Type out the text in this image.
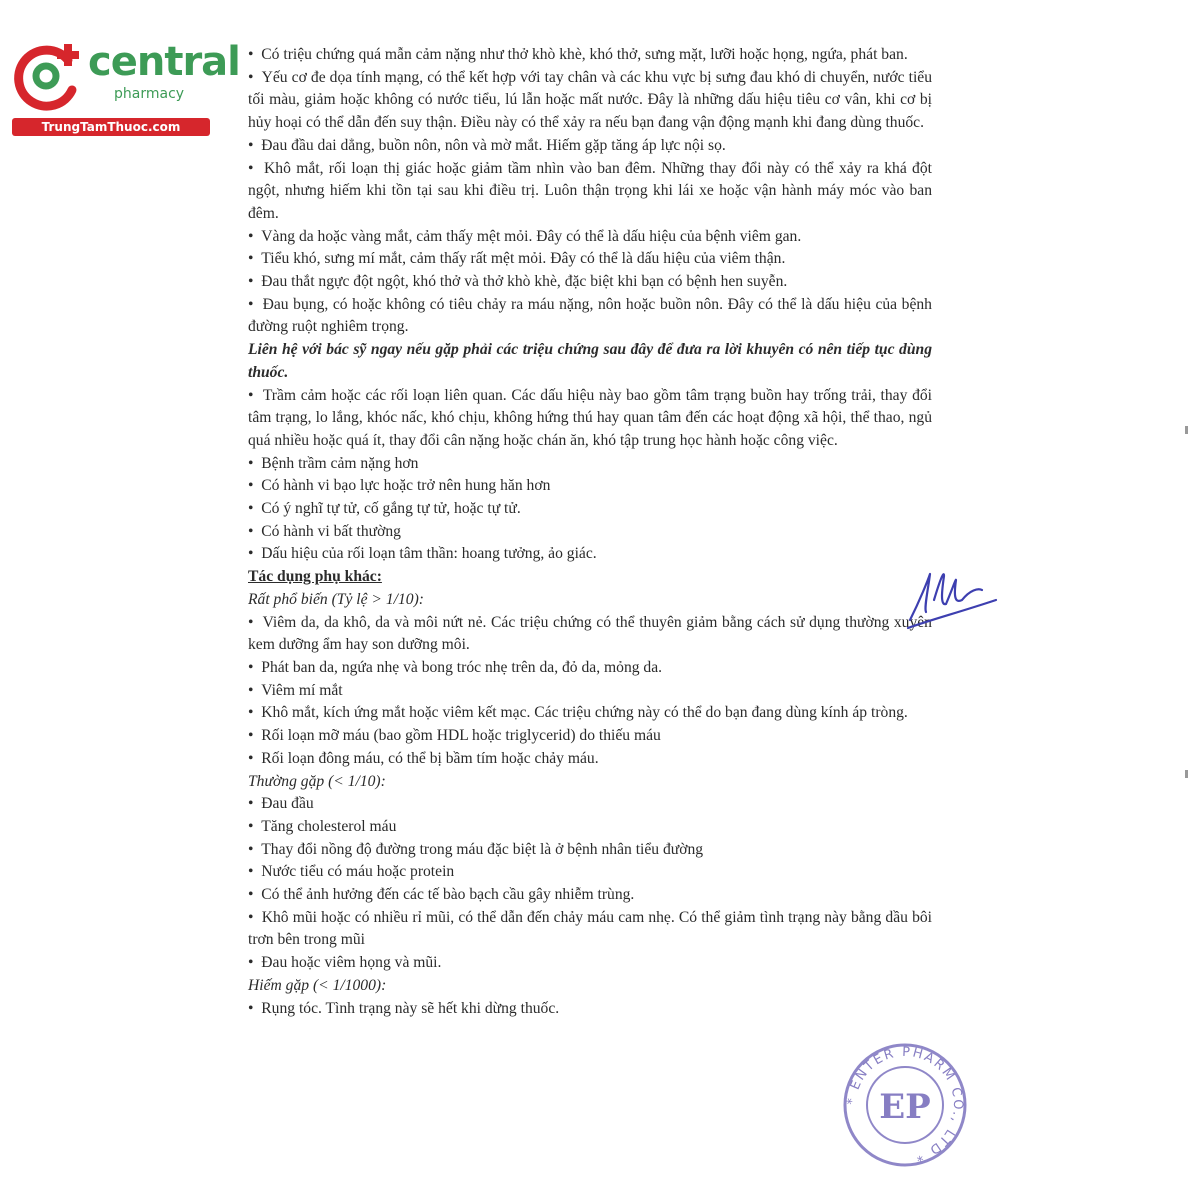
central
pharmacy
TrungTamThuoc.com

•  Có triệu chứng quá mẫn cảm nặng như thở khò khè, khó thở, sưng mặt, lưỡi hoặc họng, ngứa, phát ban.

•  Yếu cơ đe dọa tính mạng, có thể kết hợp với tay chân và các khu vực bị sưng đau khó di chuyển, nước tiểu tối màu, giảm hoặc không có nước tiểu, lú lẫn hoặc mất nước. Đây là những dấu hiệu tiêu cơ vân, khi cơ bị hủy hoại có thể dẫn đến suy thận. Điều này có thể xảy ra nếu bạn đang vận động mạnh khi đang dùng thuốc.

•  Đau đầu dai dẳng, buồn nôn, nôn và mờ mắt. Hiếm gặp tăng áp lực nội sọ.

•  Khô mắt, rối loạn thị giác hoặc giảm tầm nhìn vào ban đêm. Những thay đổi này có thể xảy ra khá đột ngột, nhưng hiếm khi tồn tại sau khi điều trị. Luôn thận trọng khi lái xe hoặc vận hành máy móc vào ban đêm.

•  Vàng da hoặc vàng mắt, cảm thấy mệt mỏi. Đây có thể là dấu hiệu của bệnh viêm gan.

•  Tiểu khó, sưng mí mắt, cảm thấy rất mệt mỏi. Đây có thể là dấu hiệu của viêm thận.

•  Đau thắt ngực đột ngột, khó thở và thở khò khè, đặc biệt khi bạn có bệnh hen suyễn.

•  Đau bụng, có hoặc không có tiêu chảy ra máu nặng, nôn hoặc buồn nôn. Đây có thể là dấu hiệu của bệnh đường ruột nghiêm trọng.

Liên hệ với bác sỹ ngay nếu gặp phải các triệu chứng sau đây để đưa ra lời khuyên có nên tiếp tục dùng thuốc.

•  Trầm cảm hoặc các rối loạn liên quan. Các dấu hiệu này bao gồm tâm trạng buồn hay trống trải, thay đổi tâm trạng, lo lắng, khóc nấc, khó chịu, không hứng thú hay quan tâm đến các hoạt động xã hội, thể thao, ngủ quá nhiều hoặc quá ít, thay đổi cân nặng hoặc chán ăn, khó tập trung học hành hoặc công việc.

•  Bệnh trầm cảm nặng hơn

•  Có hành vi bạo lực hoặc trở nên hung hăn hơn

•  Có ý nghĩ tự tử, cố gắng tự tử, hoặc tự tử.

•  Có hành vi bất thường

•  Dấu hiệu của rối loạn tâm thần: hoang tưởng, ảo giác.

Tác dụng phụ khác:

Rất phổ biến (Tỷ lệ > 1/10):

•  Viêm da, da khô, da và môi nứt nẻ. Các triệu chứng có thể thuyên giảm bằng cách sử dụng thường xuyên kem dưỡng ẩm hay son dưỡng môi.

•  Phát ban da, ngứa nhẹ và bong tróc nhẹ trên da, đỏ da, mỏng da.

•  Viêm mí mắt

•  Khô mắt, kích ứng mắt hoặc viêm kết mạc. Các triệu chứng này có thể do bạn đang dùng kính áp tròng.

•  Rối loạn mỡ máu (bao gồm HDL hoặc triglycerid) do thiếu máu

•  Rối loạn đông máu, có thể bị bầm tím hoặc chảy máu.

Thường gặp (< 1/10):

•  Đau đầu

•  Tăng cholesterol máu

•  Thay đổi nồng độ đường trong máu đặc biệt là ở bệnh nhân tiểu đường

•  Nước tiểu có máu hoặc protein

•  Có thể ảnh hưởng đến các tế bào bạch cầu gây nhiễm trùng.

•  Khô mũi hoặc có nhiều rỉ mũi, có thể dẫn đến chảy máu cam nhẹ. Có thể giảm tình trạng này bằng dầu bôi trơn bên trong mũi

•  Đau hoặc viêm họng và mũi.

Hiếm gặp (< 1/1000):

•  Rụng tóc. Tình trạng này sẽ hết khi dừng thuốc.

* ENTER PHARM CO., LTD *
EP
